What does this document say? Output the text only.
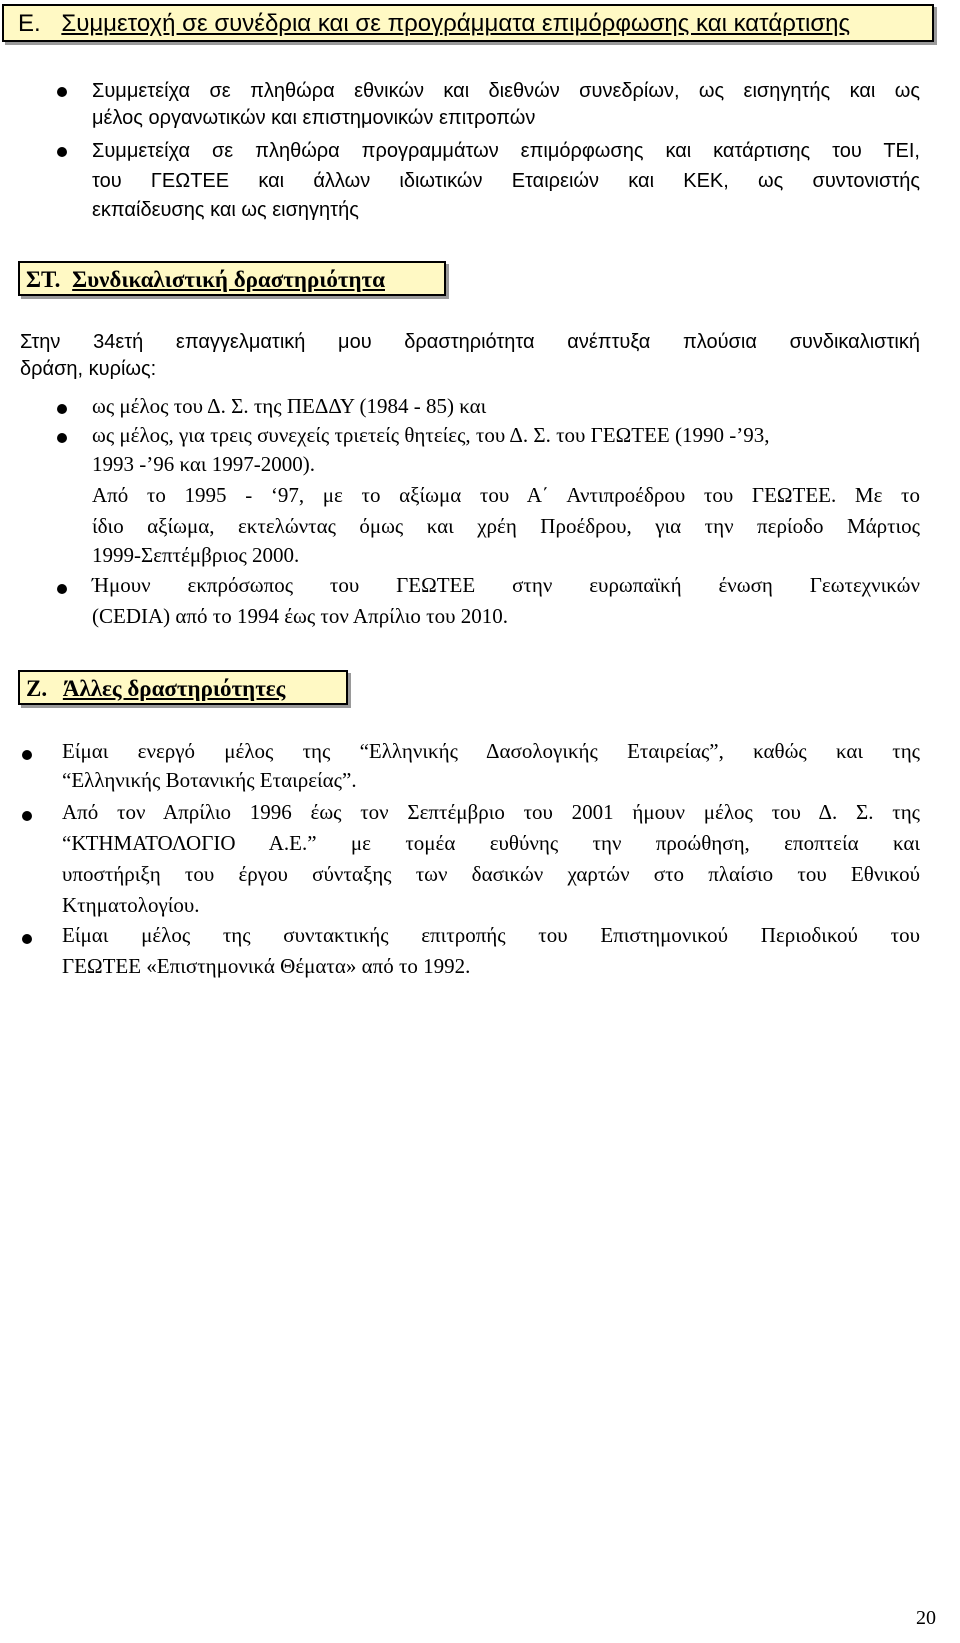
Ε. Συμμετοχή σε συνέδρια και σε προγράμματα επιμόρφωσης και κατάρτισης
Συμμετείχα σε πληθώρα εθνικών και διεθνών συνεδρίων, ως εισηγητής και ως
μέλος οργανωτικών και επιστημονικών επιτροπών
Συμμετείχα σε πληθώρα προγραμμάτων επιμόρφωσης και κατάρτισης του ΤΕΙ,
του ΓΕΩΤΕΕ και άλλων ιδιωτικών Εταιρειών και ΚΕΚ, ως συντονιστής
εκπαίδευσης και ως εισηγητής
ΣΤ. Συνδικαλιστική δραστηριότητα
Στην 34ετή επαγγελματική μου δραστηριότητα ανέπτυξα πλούσια συνδικαλιστική
δράση, κυρίως:
ως μέλος του Δ. Σ. της ΠΕΔΔΥ (1984 - 85) και
ως μέλος, για τρεις συνεχείς τριετείς θητείες, του Δ. Σ. του ΓΕΩΤΕΕ (1990 -’93,
1993 -’96 και 1997-2000).
Από το 1995 - ‘97, με το αξίωμα του Α΄ Αντιπροέδρου του ΓΕΩΤΕΕ. Με το
ίδιο αξίωμα, εκτελώντας όμως και χρέη Προέδρου, για την περίοδο Μάρτιος
1999-Σεπτέμβριος 2000.
Ήμουν εκπρόσωπος του ΓΕΩΤΕΕ στην ευρωπαϊκή ένωση Γεωτεχνικών
(CEDIA) από το 1994 έως τον Απρίλιο του 2010.
Ζ. Άλλες δραστηριότητες
Είμαι ενεργό μέλος της “Ελληνικής Δασολογικής Εταιρείας”, καθώς και της
“Ελληνικής Βοτανικής Εταιρείας”.
Από τον Απρίλιο 1996 έως τον Σεπτέμβριο του 2001 ήμουν μέλος του Δ. Σ. της
“ΚΤΗΜΑΤΟΛΟΓΙΟ Α.Ε.” με τομέα ευθύνης την προώθηση, εποπτεία και
υποστήριξη του έργου σύνταξης των δασικών χαρτών στο πλαίσιο του Εθνικού
Κτηματολογίου.
Είμαι μέλος της συντακτικής επιτροπής του Επιστημονικού Περιοδικού του
ΓΕΩΤΕΕ «Επιστημονικά Θέματα» από το 1992.
20
